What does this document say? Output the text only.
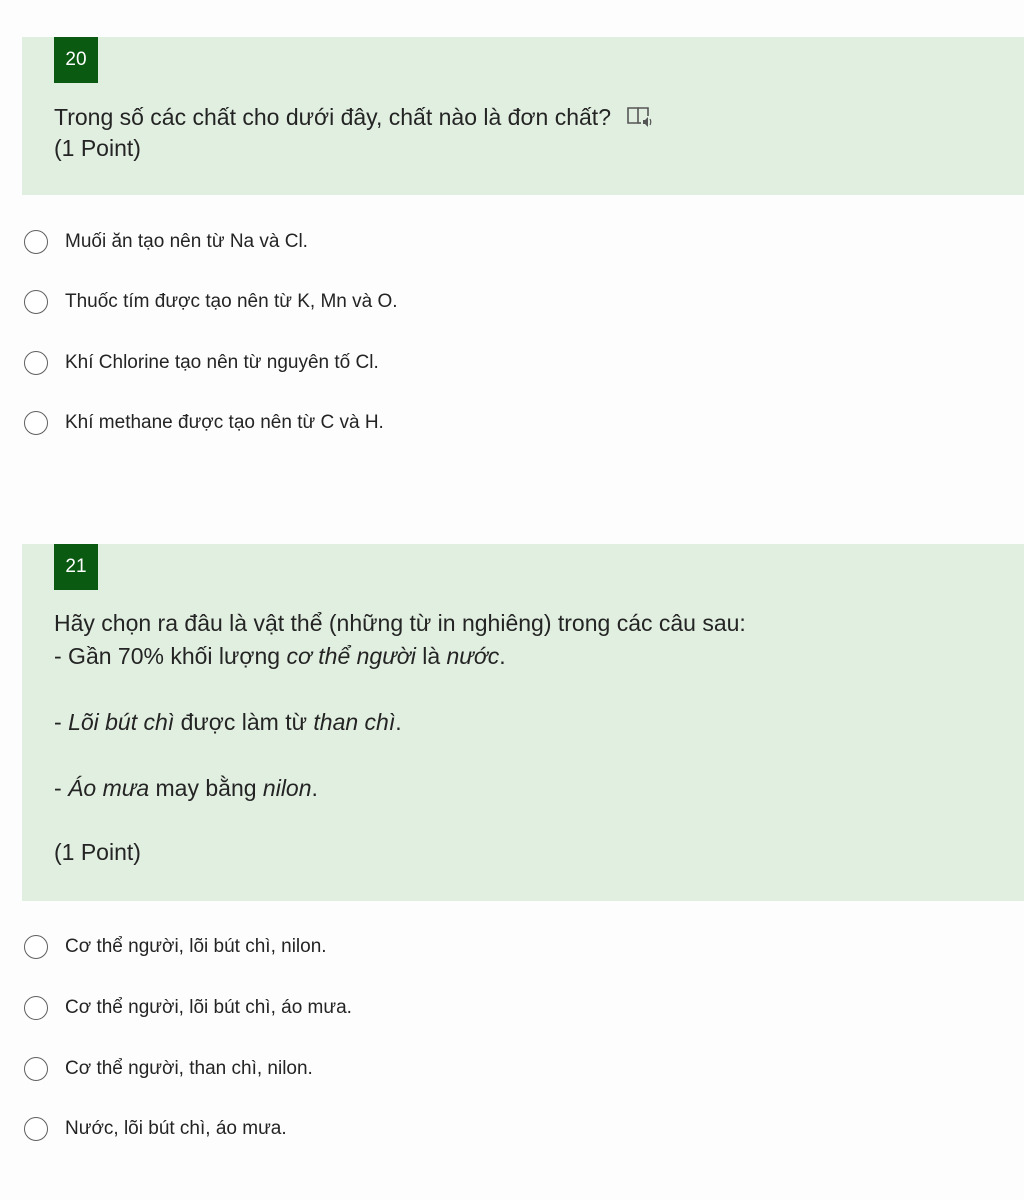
20
Trong số các chất cho dưới đây, chất nào là đơn chất?
(1 Point)
Muối ăn tạo nên từ Na và Cl.
Thuốc tím được tạo nên từ K, Mn và O.
Khí Chlorine tạo nên từ nguyên tố Cl.
Khí methane được tạo nên từ C và H.
21
Hãy chọn ra đâu là vật thể (những từ in nghiêng) trong các câu sau:
- Gần 70% khối lượng cơ thể người là nước.
- Lõi bút chì được làm từ than chì.
- Áo mưa may bằng nilon.
(1 Point)
Cơ thể người, lõi bút chì, nilon.
Cơ thể người, lõi bút chì, áo mưa.
Cơ thể người, than chì, nilon.
Nước, lõi bút chì, áo mưa.
